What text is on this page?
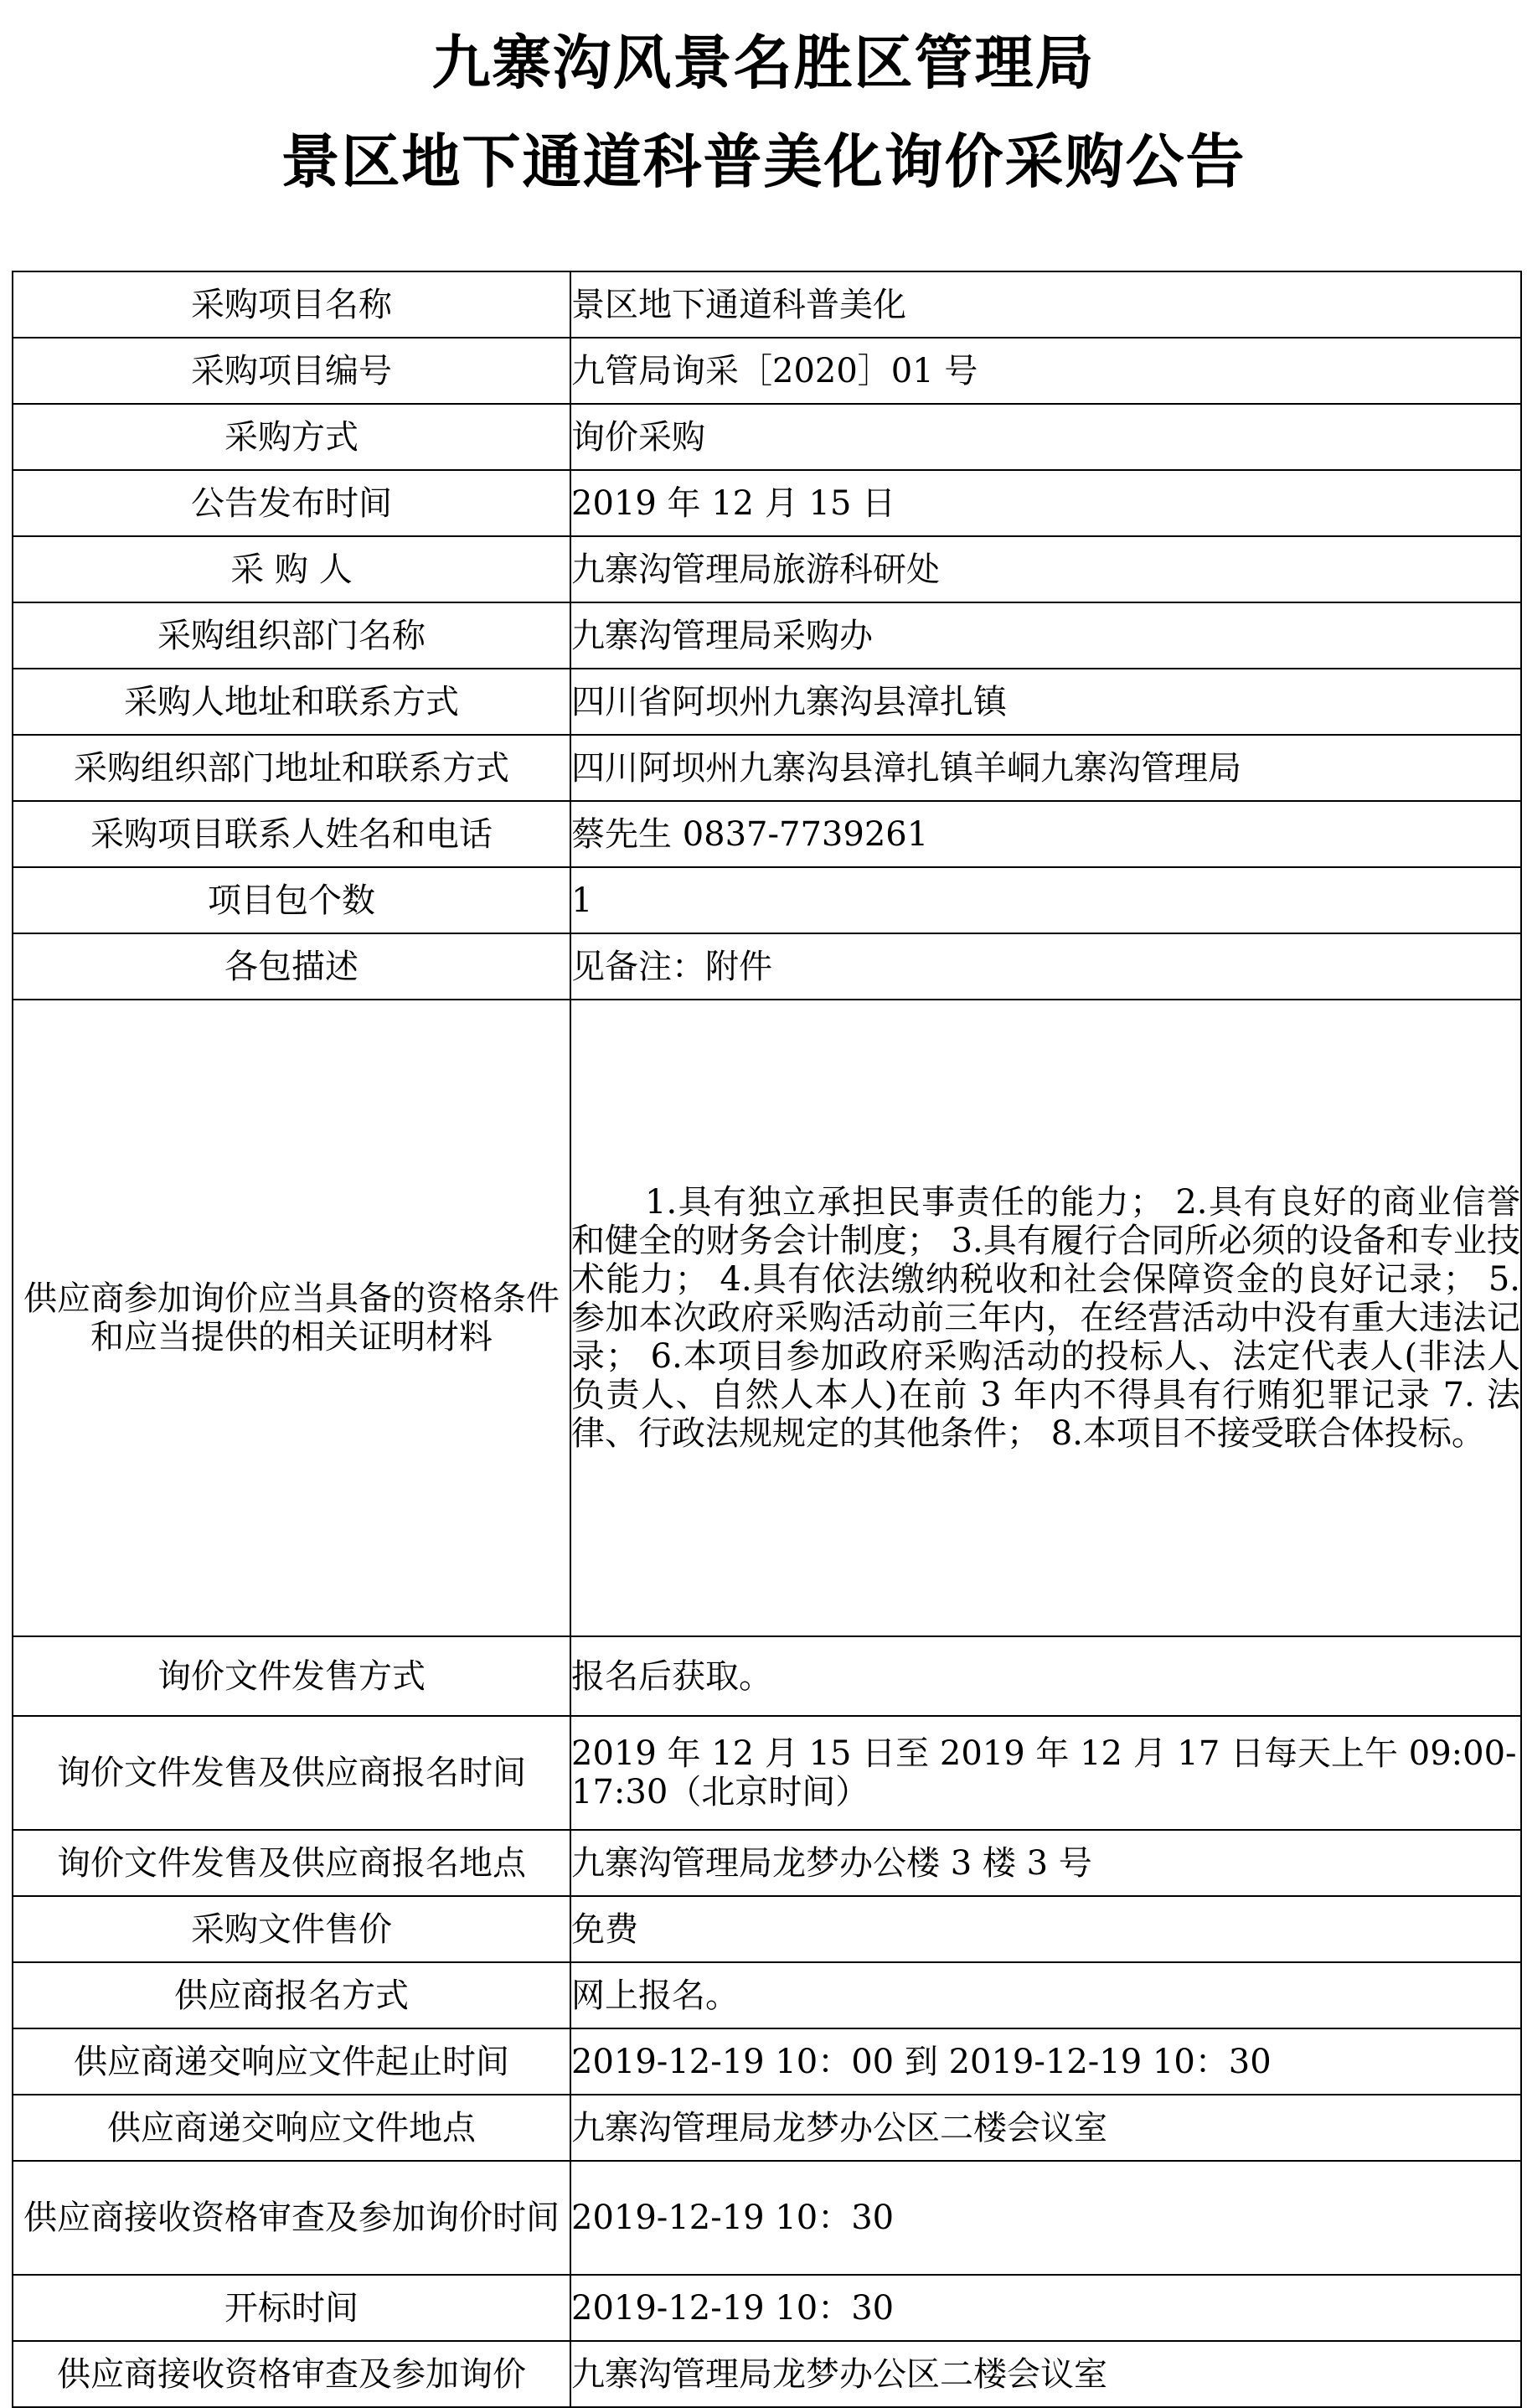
九寨沟风景名胜区管理局
景区地下通道科普美化询价采购公告
采购项目名称	景区地下通道科普美化
采购项目编号	九管局询采［2020］01 号
采购方式	询价采购
公告发布时间	2019 年 12 月 15 日
采 购 人	九寨沟管理局旅游科研处
采购组织部门名称	九寨沟管理局采购办
采购人地址和联系方式	四川省阿坝州九寨沟县漳扎镇
采购组织部门地址和联系方式	四川阿坝州九寨沟县漳扎镇羊峒九寨沟管理局
采购项目联系人姓名和电话	蔡先生 0837-7739261
项目包个数	1
各包描述	见备注：附件
供应商参加询价应当具备的资格条件和应当提供的相关证明材料	1.具有独立承担民事责任的能力； 2.具有良好的商业信誉和健全的财务会计制度； 3.具有履行合同所必须的设备和专业技术能力； 4.具有依法缴纳税收和社会保障资金的良好记录； 5.参加本次政府采购活动前三年内，在经营活动中没有重大违法记录； 6.本项目参加政府采购活动的投标人、法定代表人(非法人负责人、自然人本人)在前 3 年内不得具有行贿犯罪记录 7. 法律、行政法规规定的其他条件； 8.本项目不接受联合体投标。

询价文件发售方式	报名后获取。
询价文件发售及供应商报名时间	2019 年 12 月 15 日至 2019 年 12 月 17 日每天上午 09:00-17:30（北京时间）
询价文件发售及供应商报名地点	九寨沟管理局龙梦办公楼 3 楼 3 号
采购文件售价	免费
供应商报名方式	网上报名。
供应商递交响应文件起止时间	2019-12-19 10：00 到 2019-12-19 10：30
供应商递交响应文件地点	九寨沟管理局龙梦办公区二楼会议室
供应商接收资格审查及参加询价时间	2019-12-19 10：30
开标时间	2019-12-19 10：30
供应商接收资格审查及参加询价	九寨沟管理局龙梦办公区二楼会议室
